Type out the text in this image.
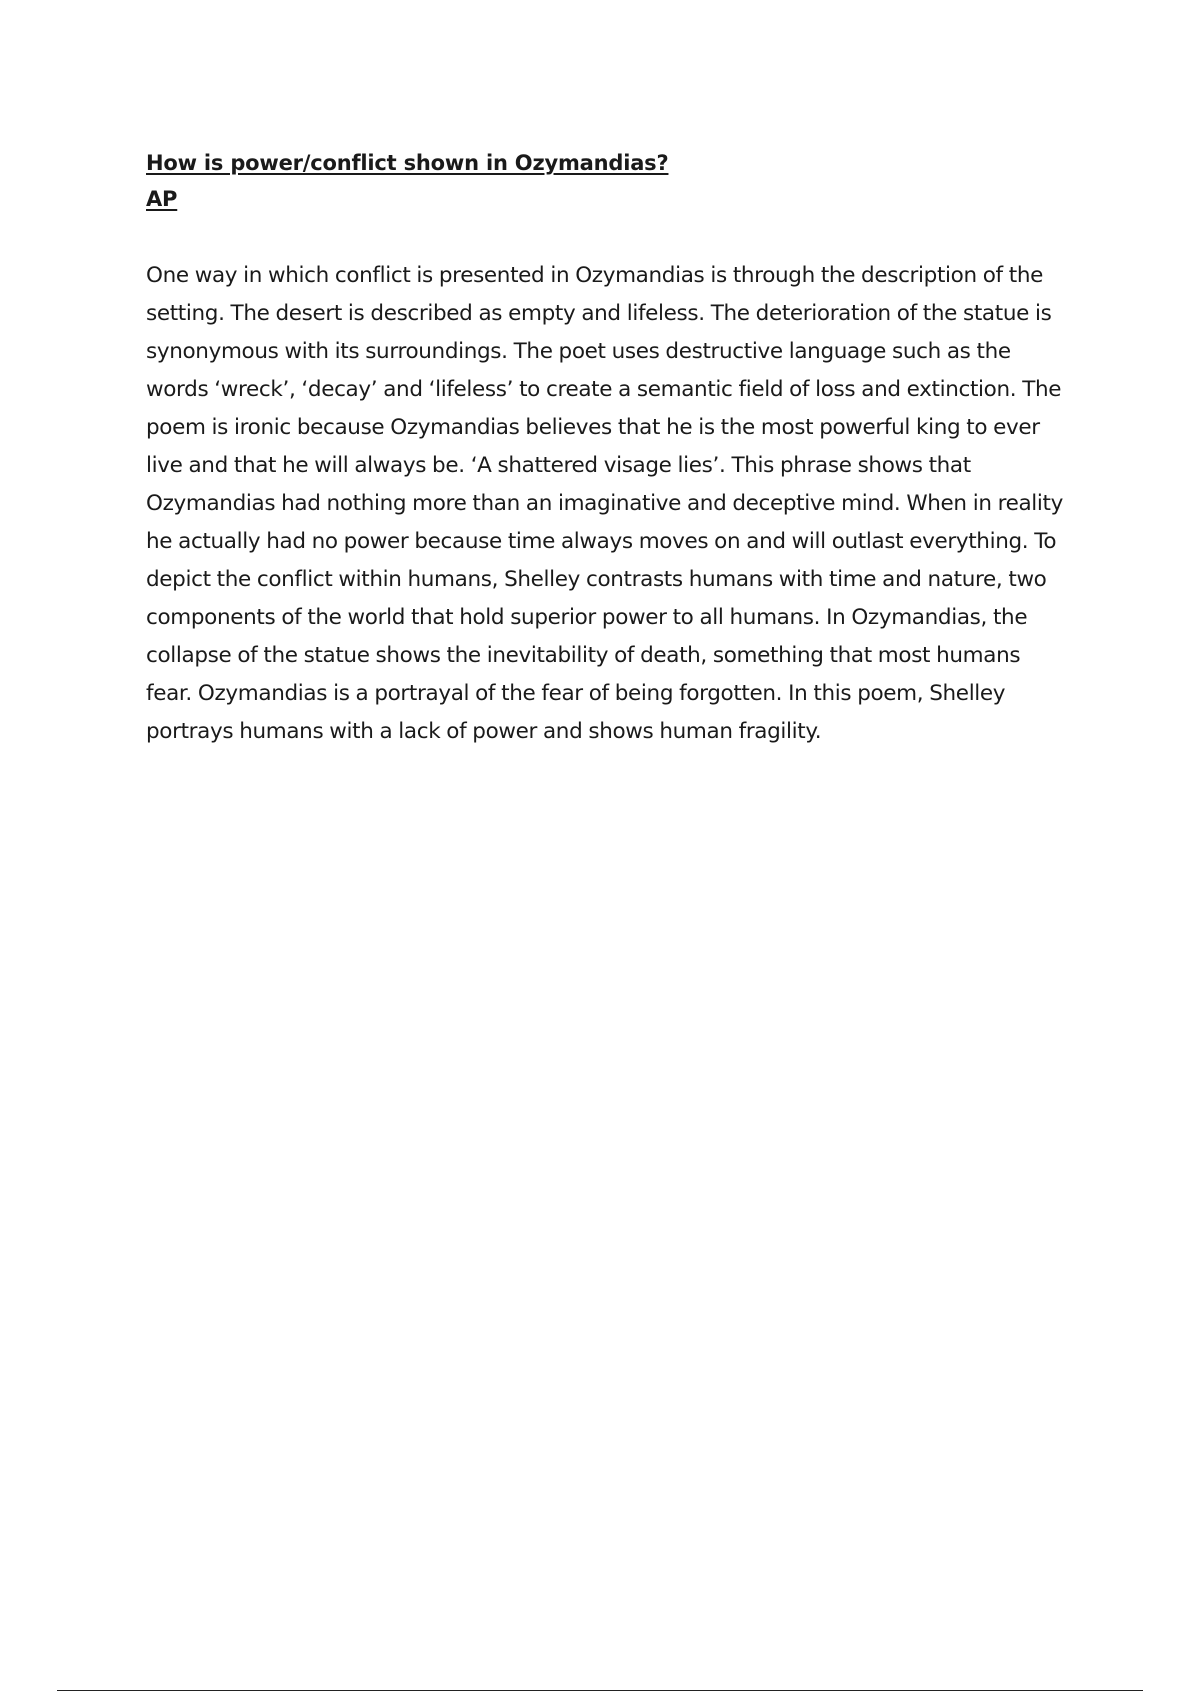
How is power/conflict shown in Ozymandias?

AP

One way in which conflict is presented in Ozymandias is through the description of the setting. The desert is described as empty and lifeless. The deterioration of the statue is synonymous with its surroundings. The poet uses destructive language such as the words ‘wreck’, ‘decay’ and ‘lifeless’ to create a semantic field of loss and extinction. The poem is ironic because Ozymandias believes that he is the most powerful king to ever live and that he will always be. ‘A shattered visage lies’. This phrase shows that Ozymandias had nothing more than an imaginative and deceptive mind. When in reality he actually had no power because time always moves on and will outlast everything. To depict the conflict within humans, Shelley contrasts humans with time and nature, two components of the world that hold superior power to all humans. In Ozymandias, the collapse of the statue shows the inevitability of death, something that most humans fear. Ozymandias is a portrayal of the fear of being forgotten. In this poem, Shelley portrays humans with a lack of power and shows human fragility.
